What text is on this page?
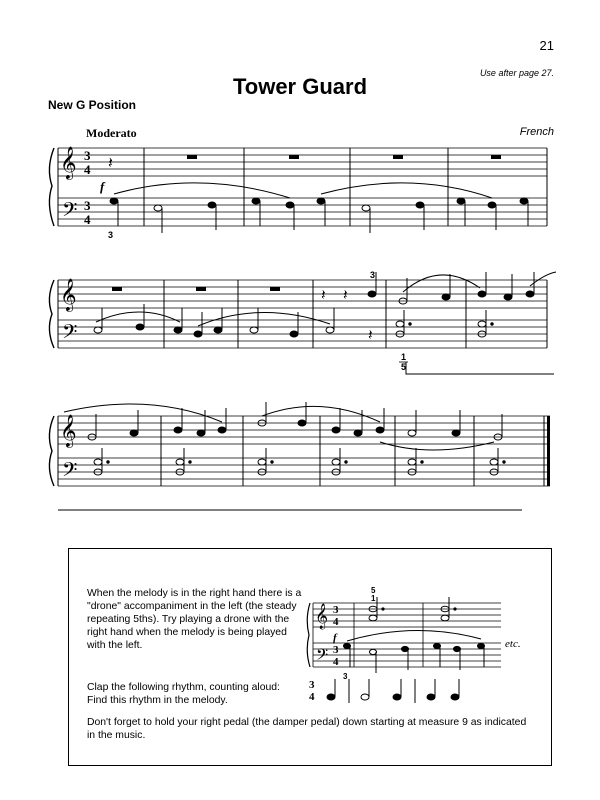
21
Use after page 27.
Tower Guard
New G Position
Moderato	French
𝄞
𝄢
3
4
3
4
𝄽
f
3
𝄞
𝄢
𝄽 𝄽
𝄽
3
1
5
𝄞
𝄢
When the melody is in the right hand there is a "drone" accompaniment in the left (the steady repeating 5ths). Try playing a drone with the right hand when the melody is being played with the left.
𝄞
𝄢
3
4
3
4
f
5
1
3
etc.
Clap the following rhythm, counting aloud:
Find this rhythm in the melody.
3
4
Don't forget to hold your right pedal (the damper pedal) down starting at measure 9 as indicated in the music.
